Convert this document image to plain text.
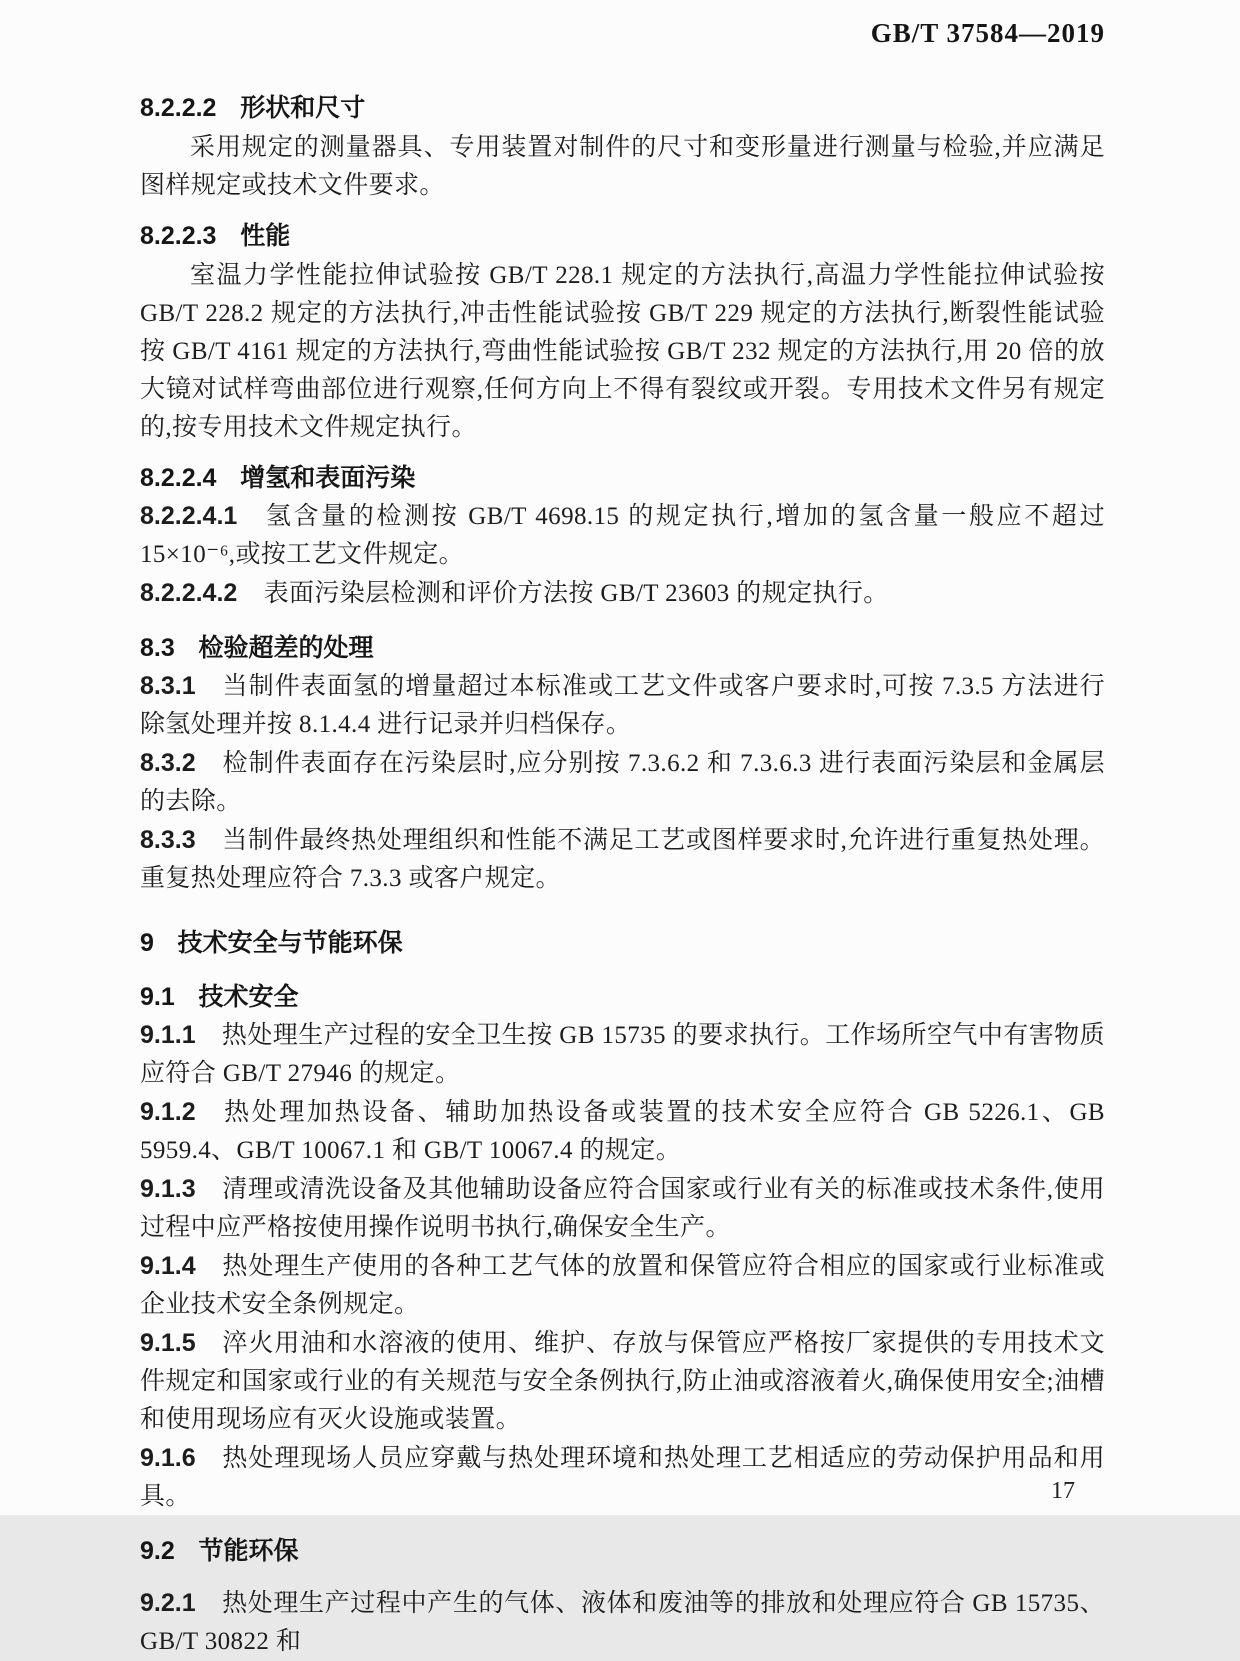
GB/T 37584—2019

8.2.2.2 形状和尺寸

采用规定的测量器具、专用装置对制件的尺寸和变形量进行测量与检验,并应满足图样规定或技术文件要求。

8.2.2.3 性能

室温力学性能拉伸试验按 GB/T 228.1 规定的方法执行,高温力学性能拉伸试验按 GB/T 228.2 规定的方法执行,冲击性能试验按 GB/T 229 规定的方法执行,断裂性能试验按 GB/T 4161 规定的方法执行,弯曲性能试验按 GB/T 232 规定的方法执行,用 20 倍的放大镜对试样弯曲部位进行观察,任何方向上不得有裂纹或开裂。专用技术文件另有规定的,按专用技术文件规定执行。

8.2.2.4 增氢和表面污染

8.2.2.4.1 氢含量的检测按 GB/T 4698.15 的规定执行,增加的氢含量一般应不超过 15×10⁻⁶,或按工艺文件规定。

8.2.2.4.2 表面污染层检测和评价方法按 GB/T 23603 的规定执行。

8.3 检验超差的处理

8.3.1 当制件表面氢的增量超过本标准或工艺文件或客户要求时,可按 7.3.5 方法进行除氢处理并按 8.1.4.4 进行记录并归档保存。

8.3.2 检制件表面存在污染层时,应分别按 7.3.6.2 和 7.3.6.3 进行表面污染层和金属层的去除。

8.3.3 当制件最终热处理组织和性能不满足工艺或图样要求时,允许进行重复热处理。重复热处理应符合 7.3.3 或客户规定。

9 技术安全与节能环保

9.1 技术安全

9.1.1 热处理生产过程的安全卫生按 GB 15735 的要求执行。工作场所空气中有害物质应符合 GB/T 27946 的规定。

9.1.2 热处理加热设备、辅助加热设备或装置的技术安全应符合 GB 5226.1、GB 5959.4、GB/T 10067.1 和 GB/T 10067.4 的规定。

9.1.3 清理或清洗设备及其他辅助设备应符合国家或行业有关的标准或技术条件,使用过程中应严格按使用操作说明书执行,确保安全生产。

9.1.4 热处理生产使用的各种工艺气体的放置和保管应符合相应的国家或行业标准或企业技术安全条例规定。

9.1.5 淬火用油和水溶液的使用、维护、存放与保管应严格按厂家提供的专用技术文件规定和国家或行业的有关规范与安全条例执行,防止油或溶液着火,确保使用安全;油槽和使用现场应有灭火设施或装置。

9.1.6 热处理现场人员应穿戴与热处理环境和热处理工艺相适应的劳动保护用品和用具。

9.2 节能环保

9.2.1 热处理生产过程中产生的气体、液体和废油等的排放和处理应符合 GB 15735、GB/T 30822 和

17
